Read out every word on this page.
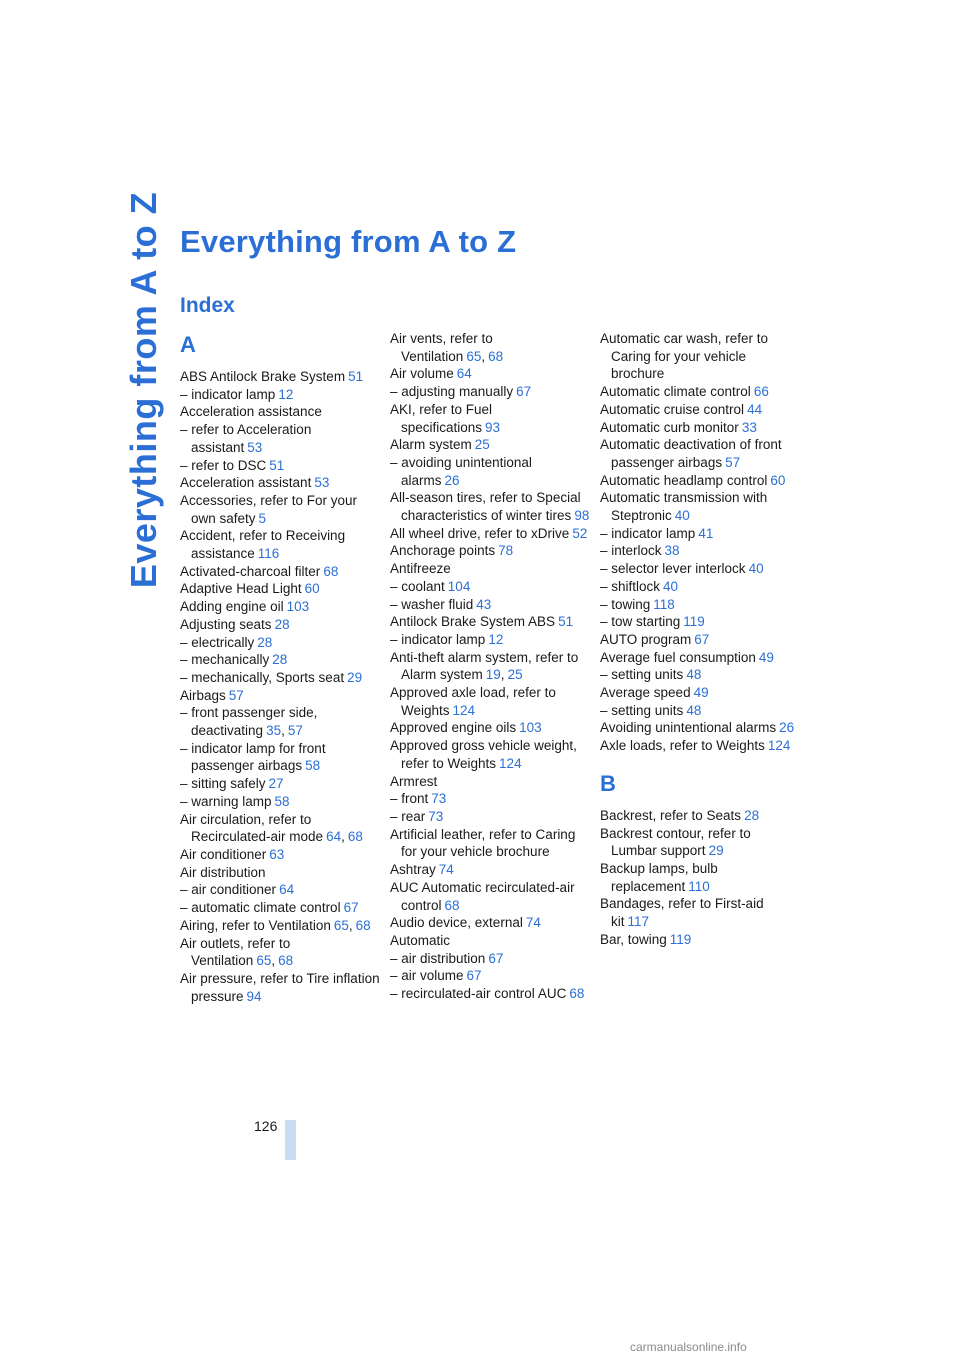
Everything from A to Z Everything from A to Z
Index
A
ABS Antilock Brake System 51
– indicator lamp 12
Acceleration assistance
– refer to Acceleration assistant 53
– refer to DSC 51
Acceleration assistant 53
Accessories, refer to For your own safety 5
Accident, refer to Receiving assistance 116
Activated-charcoal filter 68
Adaptive Head Light 60
Adding engine oil 103
Adjusting seats 28
– electrically 28
– mechanically 28
– mechanically, Sports seat 29
Airbags 57
– front passenger side, deactivating 35, 57
– indicator lamp for front passenger airbags 58
– sitting safely 27
– warning lamp 58
Air circulation, refer to Recirculated-air mode 64, 68
Air conditioner 63
Air distribution
– air conditioner 64
– automatic climate control 67
Airing, refer to Ventilation 65, 68
Air outlets, refer to Ventilation 65, 68
Air pressure, refer to Tire inflation pressure 94
Air vents, refer to Ventilation 65, 68
Air volume 64
– adjusting manually 67
AKI, refer to Fuel specifications 93
Alarm system 25
– avoiding unintentional alarms 26
All-season tires, refer to Special characteristics of winter tires 98
All wheel drive, refer to xDrive 52
Anchorage points 78
Antifreeze
– coolant 104
– washer fluid 43
Antilock Brake System ABS 51
– indicator lamp 12
Anti-theft alarm system, refer to Alarm system 19, 25
Approved axle load, refer to Weights 124
Approved engine oils 103
Approved gross vehicle weight, refer to Weights 124
Armrest
– front 73
– rear 73
Artificial leather, refer to Caring for your vehicle brochure
Ashtray 74
AUC Automatic recirculated-air control 68
Audio device, external 74
Automatic
– air distribution 67
– air volume 67
– recirculated-air control AUC 68
Automatic car wash, refer to Caring for your vehicle brochure
Automatic climate control 66
Automatic cruise control 44
Automatic curb monitor 33
Automatic deactivation of front passenger airbags 57
Automatic headlamp control 60
Automatic transmission with Steptronic 40
– indicator lamp 41
– interlock 38
– selector lever interlock 40
– shiftlock 40
– towing 118
– tow starting 119
AUTO program 67
Average fuel consumption 49
– setting units 48
Average speed 49
– setting units 48
Avoiding unintentional alarms 26
Axle loads, refer to Weights 124
B
Backrest, refer to Seats 28
Backrest contour, refer to Lumbar support 29
Backup lamps, bulb replacement 110
Bandages, refer to First-aid kit 117
Bar, towing 119
126
carmanualsonline.info
